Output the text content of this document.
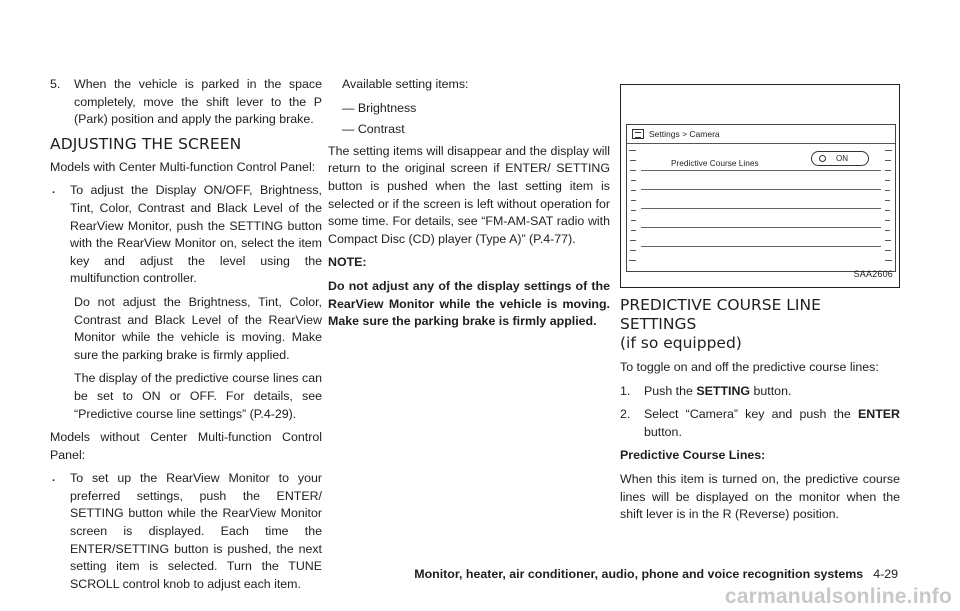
5.	When the vehicle is parked in the space completely, move the shift lever to the P (Park) position and apply the parking brake.
ADJUSTING THE SCREEN

Models with Center Multi-function Control Panel:

.	To adjust the Display ON/OFF, Brightness, Tint, Color, Contrast and Black Level of the RearView Monitor, push the SETTING button with the RearView Monitor on, select the item key and adjust the level using the multifunction controller.

Do not adjust the Brightness, Tint, Color, Contrast and Black Level of the RearView Monitor while the vehicle is moving. Make sure the parking brake is firmly applied.

The display of the predictive course lines can be set to ON or OFF. For details, see “Predictive course line settings” (P.4-29).

Models without Center Multi-function Control Panel:

.	To set up the RearView Monitor to your preferred settings, push the ENTER/ SETTING button while the RearView Monitor screen is displayed. Each time the ENTER/SETTING button is pushed, the next setting item is selected. Turn the TUNE SCROLL control knob to adjust each item.

Available setting items:

— Brightness

— Contrast

The setting items will disappear and the display will return to the original screen if ENTER/ SETTING button is pushed when the last setting item is selected or if the screen is left without operation for some time. For details, see “FM-AM-SAT radio with Compact Disc (CD) player (Type A)” (P.4-77).

NOTE:

Do not adjust any of the display settings of the RearView Monitor while the vehicle is moving. Make sure the parking brake is firmly applied.

Settings > Camera
Predictive Course Lines	ON
SAA2606
PREDICTIVE COURSE LINE SETTINGS
(if so equipped)

To toggle on and off the predictive course lines:

1.	Push the SETTING button.
2.	Select “Camera” key and push the ENTER button.

Predictive Course Lines:

When this item is turned on, the predictive course lines will be displayed on the monitor when the shift lever is in the R (Reverse) position.

Monitor, heater, air conditioner, audio, phone and voice recognition systems 4-29
carmanualsonline.info
